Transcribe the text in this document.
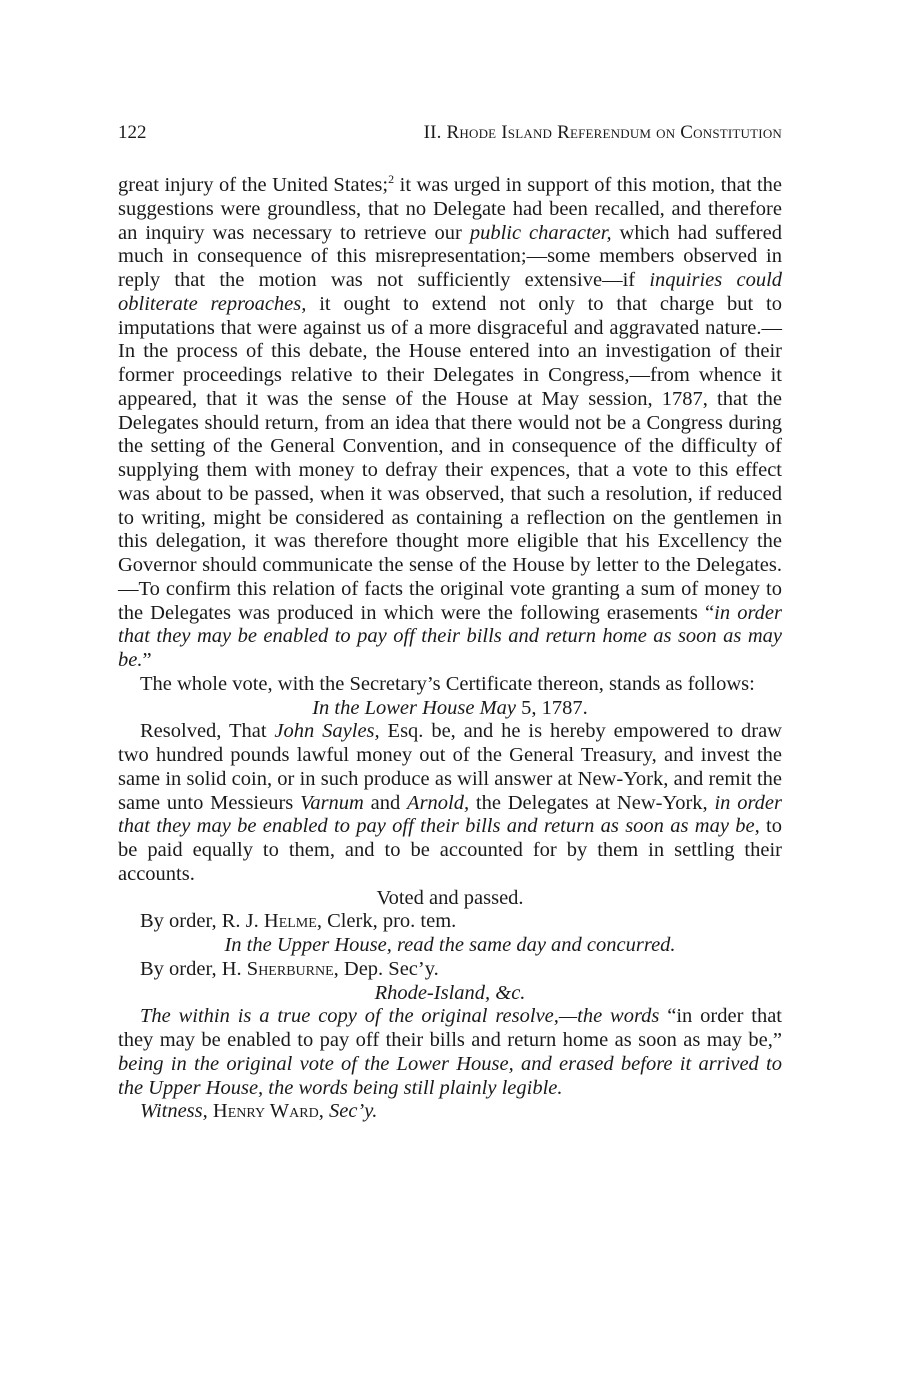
122	II. Rhode Island Referendum on Constitution

great injury of the United States;$^2$ it was urged in support of this motion, that the suggestions were groundless, that no Delegate had been recalled, and therefore an inquiry was necessary to retrieve our public character, which had suffered much in consequence of this misrepresentation;—some members observed in reply that the motion was not sufficiently extensive—if inquiries could obliterate reproaches, it ought to extend not only to that charge but to imputations that were against us of a more disgraceful and aggravated nature.—In the process of this debate, the House entered into an investigation of their former proceedings relative to their Delegates in Congress,—from whence it appeared, that it was the sense of the House at May session, 1787, that the Delegates should return, from an idea that there would not be a Congress during the setting of the General Convention, and in consequence of the difficulty of supplying them with money to defray their expences, that a vote to this effect was about to be passed, when it was observed, that such a resolution, if reduced to writing, might be considered as containing a reflection on the gentlemen in this delegation, it was therefore thought more eligible that his Excellency the Governor should communicate the sense of the House by letter to the Delegates.—To confirm this relation of facts the original vote granting a sum of money to the Delegates was produced in which were the following erasements “in order that they may be enabled to pay off their bills and return home as soon as may be.”

The whole vote, with the Secretary’s Certificate thereon, stands as follows:

In the Lower House May 5, 1787.

Resolved, That John Sayles, Esq. be, and he is hereby empowered to draw two hundred pounds lawful money out of the General Treasury, and invest the same in solid coin, or in such produce as will answer at New-York, and remit the same unto Messieurs Varnum and Arnold, the Delegates at New-York, in order that they may be enabled to pay off their bills and return as soon as may be, to be paid equally to them, and to be accounted for by them in settling their accounts.

Voted and passed.

By order, R. J. Helme, Clerk, pro. tem.

In the Upper House, read the same day and concurred.

By order, H. Sherburne, Dep. Sec’y.

Rhode-Island, &c.

The within is a true copy of the original resolve,—the words “in order that they may be enabled to pay off their bills and return home as soon as may be,” being in the original vote of the Lower House, and erased before it arrived to the Upper House, the words being still plainly legible.

Witness, Henry Ward, Sec’y.
